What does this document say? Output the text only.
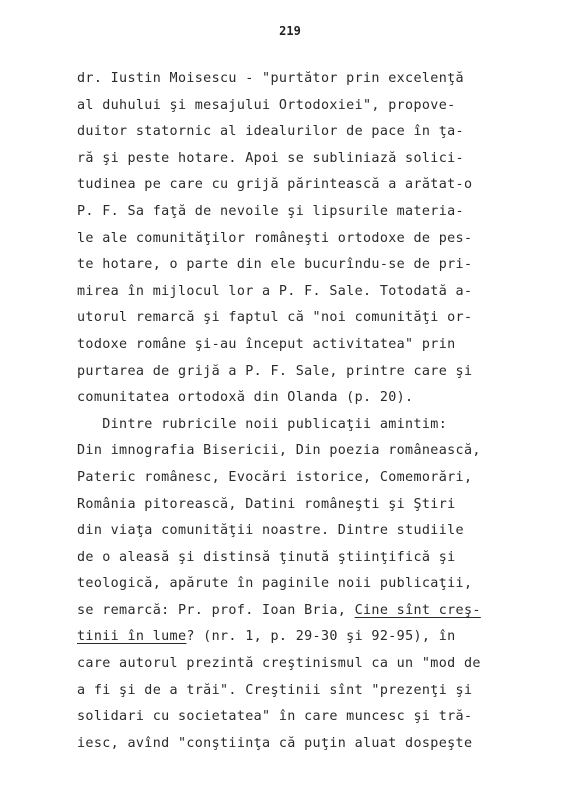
219
dr. Iustin Moisescu - "purtător prin excelenţă
al duhului şi mesajului Ortodoxiei", propove-
duitor statornic al idealurilor de pace în ţa-
ră şi peste hotare. Apoi se subliniază solici-
tudinea pe care cu grijă părintească a arătat-o
P. F. Sa faţă de nevoile şi lipsurile materia-
le ale comunităţilor româneşti ortodoxe de pes-
te hotare, o parte din ele bucurîndu-se de pri-
mirea în mijlocul lor a P. F. Sale. Totodată a-
utorul remarcă şi faptul că "noi comunităţi or-
todoxe române şi-au început activitatea" prin
purtarea de grijă a P. F. Sale, printre care şi
comunitatea ortodoxă din Olanda (p. 20).
Dintre rubricile noii publicaţii amintim:
Din imnografia Bisericii, Din poezia românească,
Pateric românesc, Evocări istorice, Comemorări,
România pitorească, Datini româneşti şi Ştiri
din viaţa comunităţii noastre. Dintre studiile
de o aleasă şi distinsă ţinută ştiinţifică şi
teologică, apărute în paginile noii publicaţii,
se remarcă: Pr. prof. Ioan Bria, Cine sînt creş-
tinii în lume? (nr. 1, p. 29-30 şi 92-95), în
care autorul prezintă creştinismul ca un "mod de
a fi şi de a trăi". Creştinii sînt "prezenţi şi
solidari cu societatea" în care muncesc şi tră-
iesc, avînd "conştiinţa că puţin aluat dospeşte
